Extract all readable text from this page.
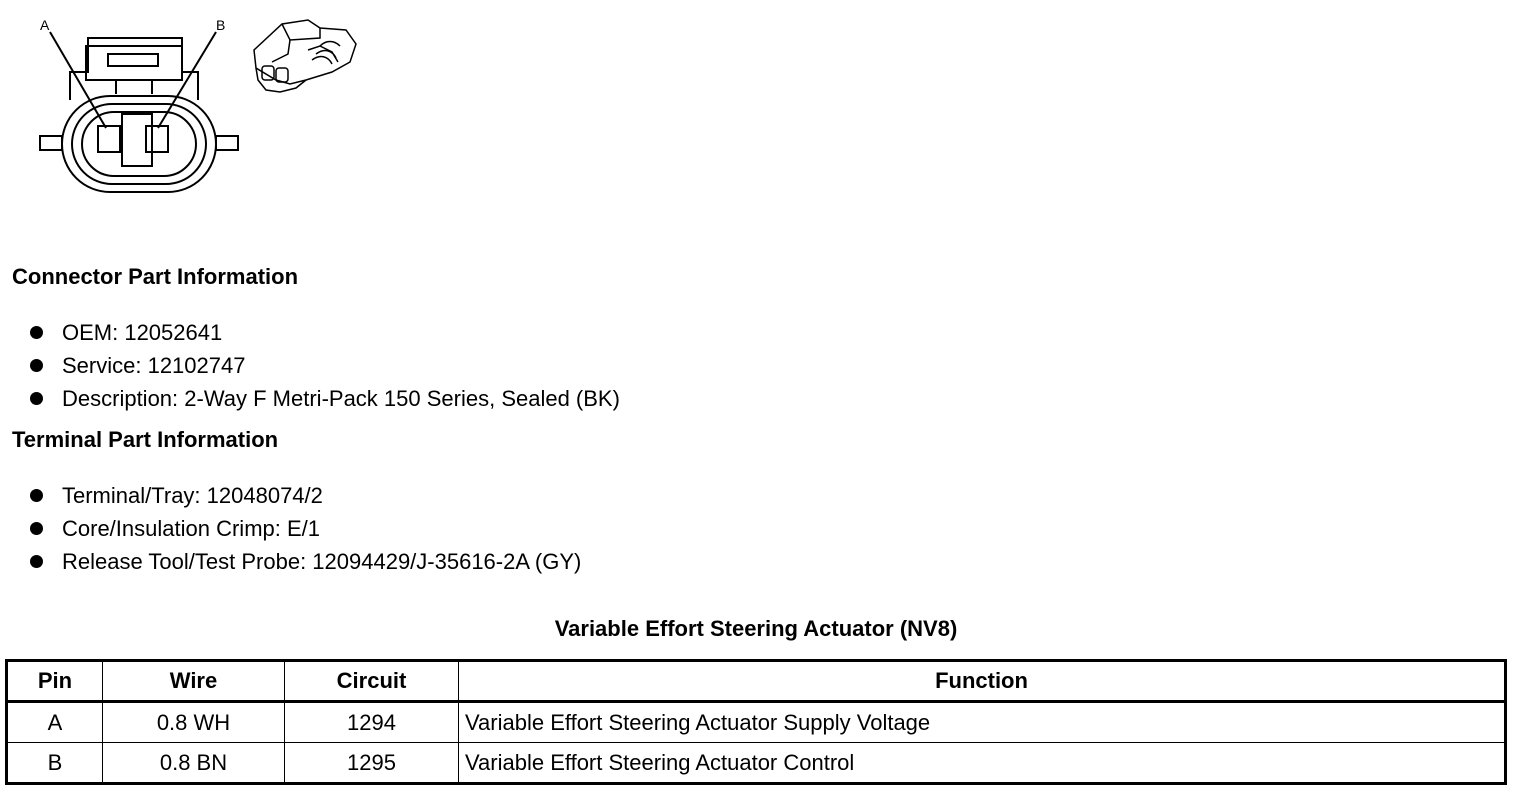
A	B
Connector Part Information
OEM: 12052641
Service: 12102747
Description: 2-Way F Metri-Pack 150 Series, Sealed (BK)
Terminal Part Information
Terminal/Tray: 12048074/2
Core/Insulation Crimp: E/1
Release Tool/Test Probe: 12094429/J-35616-2A (GY)
Variable Effort Steering Actuator (NV8)
Pin	Wire	Circuit	Function
A	0.8 WH	1294	Variable Effort Steering Actuator Supply Voltage
B	0.8 BN	1295	Variable Effort Steering Actuator Control
